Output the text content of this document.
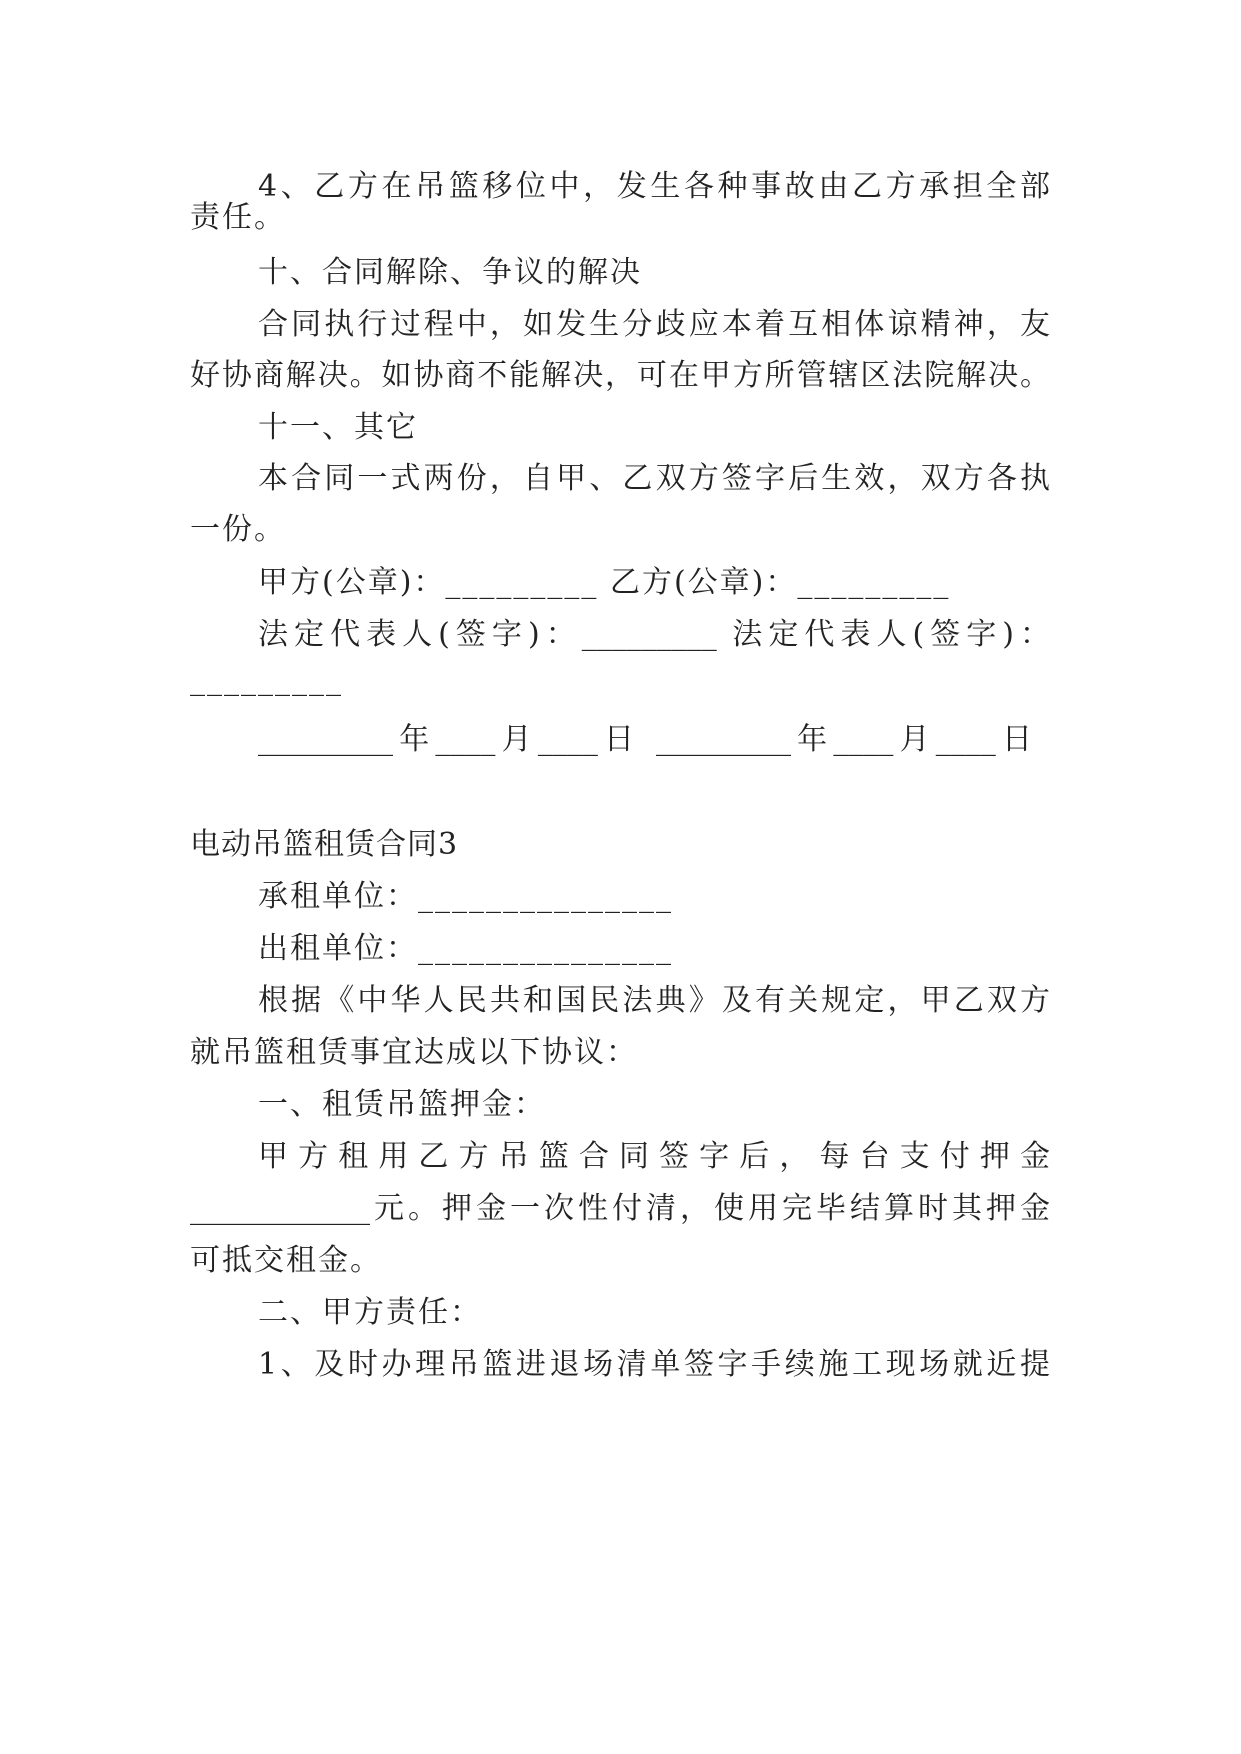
4、乙方在吊篮移位中，发生各种事故由乙方承担全部
责任。
十、合同解除、争议的解决
合同执行过程中，如发生分歧应本着互相体谅精神，友
好协商解决。如协商不能解决，可在甲方所管辖区法院解决。
十一、其它
本合同一式两份，自甲、乙双方签字后生效，双方各执
一份。
甲方(公章)：_________ 乙方(公章)：_________
法定代表人(签字)：_________ 法定代表人(签字)：
_________
_________年____月____日 _________年____月____日
电动吊篮租赁合同3
承租单位：_______________
出租单位：_______________
根据《中华人民共和国民法典》及有关规定，甲乙双方
就吊篮租赁事宜达成以下协议：
一、租赁吊篮押金：
甲方租用乙方吊篮合同签字后，每台支付押金
____________元。押金一次性付清，使用完毕结算时其押金
可抵交租金。
二、甲方责任：
1、及时办理吊篮进退场清单签字手续施工现场就近提
